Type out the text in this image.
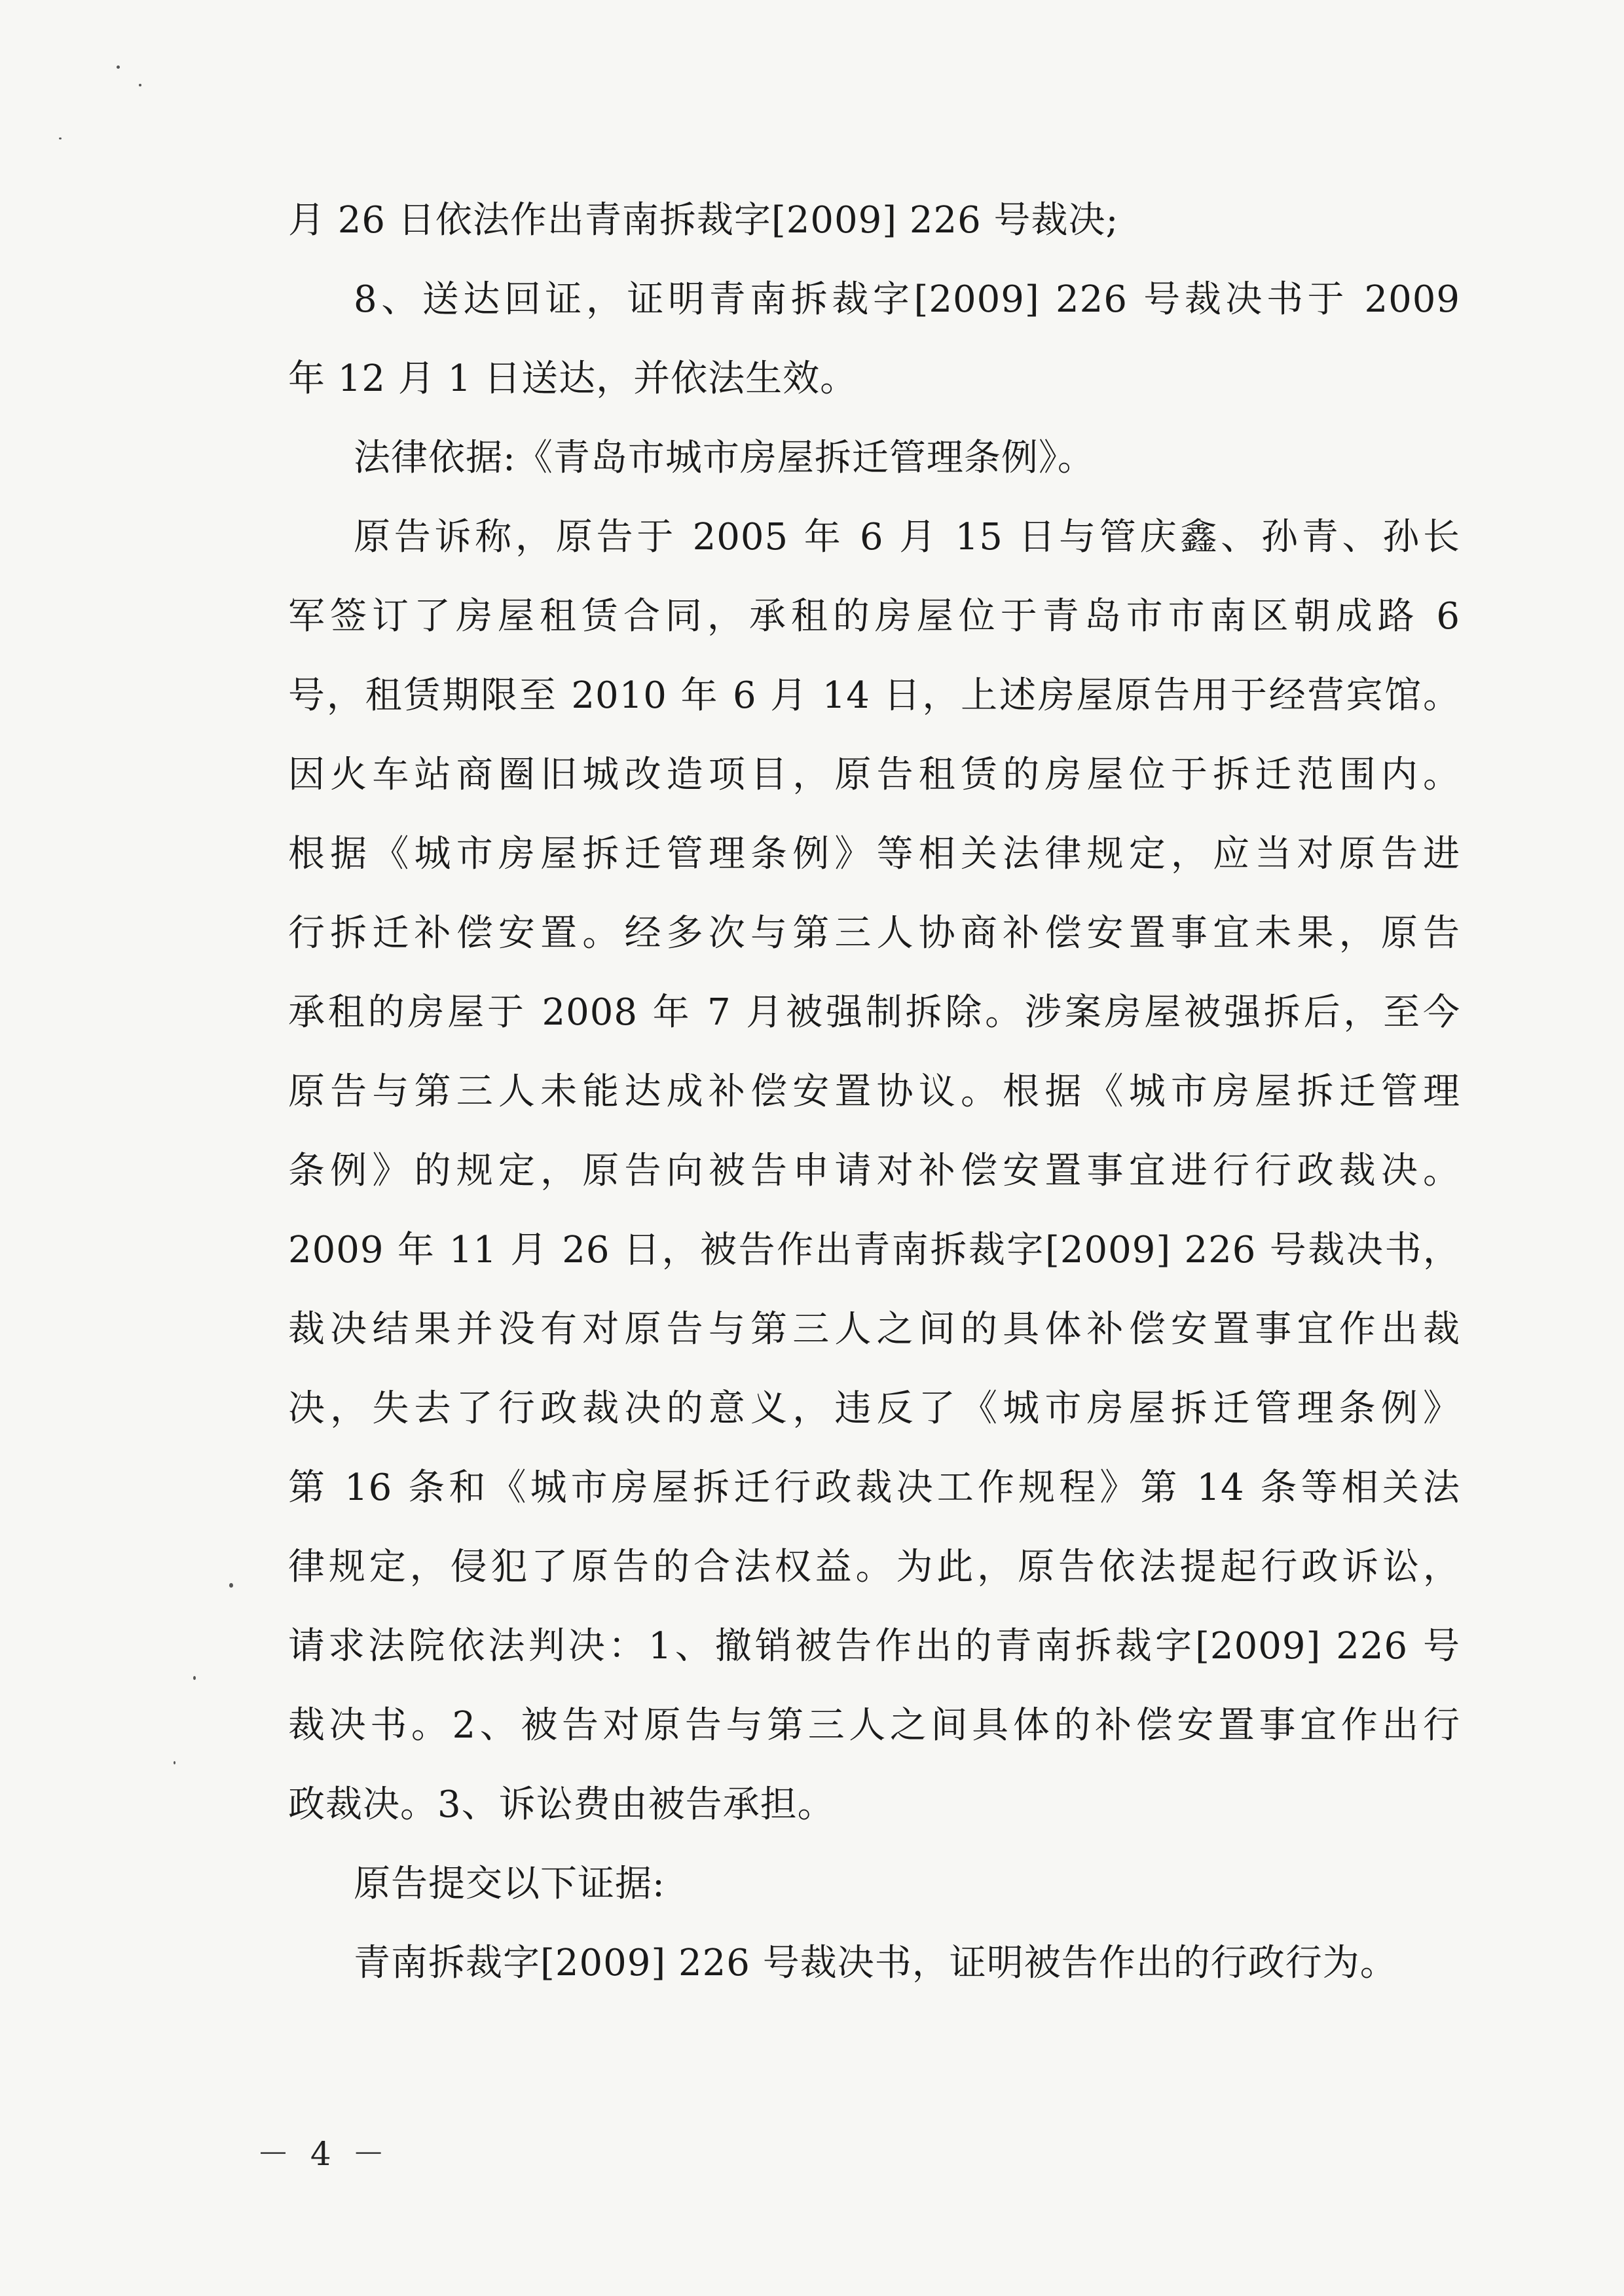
月 26 日依法作出青南拆裁字[2009] 226 号裁决;
8、送达回证，证明青南拆裁字[2009] 226 号裁决书于 2009
年 12 月 1 日送达，并依法生效。
法律依据:《青岛市城市房屋拆迁管理条例》。
原告诉称，原告于 2005 年 6 月 15 日与管庆鑫、孙青、孙长
军签订了房屋租赁合同，承租的房屋位于青岛市市南区朝成路 6
号，租赁期限至 2010 年 6 月 14 日，上述房屋原告用于经营宾馆。
因火车站商圈旧城改造项目，原告租赁的房屋位于拆迁范围内。
根据《城市房屋拆迁管理条例》等相关法律规定，应当对原告进
行拆迁补偿安置。经多次与第三人协商补偿安置事宜未果，原告
承租的房屋于 2008 年 7 月被强制拆除。涉案房屋被强拆后，至今
原告与第三人未能达成补偿安置协议。根据《城市房屋拆迁管理
条例》的规定，原告向被告申请对补偿安置事宜进行行政裁决。
2009 年 11 月 26 日，被告作出青南拆裁字[2009] 226 号裁决书，
裁决结果并没有对原告与第三人之间的具体补偿安置事宜作出裁
决，失去了行政裁决的意义，违反了《城市房屋拆迁管理条例》
第 16 条和《城市房屋拆迁行政裁决工作规程》第 14 条等相关法
律规定，侵犯了原告的合法权益。为此，原告依法提起行政诉讼，
请求法院依法判决：1、撤销被告作出的青南拆裁字[2009] 226 号
裁决书。2、被告对原告与第三人之间具体的补偿安置事宜作出行
政裁决。3、诉讼费由被告承担。
原告提交以下证据:
青南拆裁字[2009] 226 号裁决书，证明被告作出的行政行为。
－ 4 －
